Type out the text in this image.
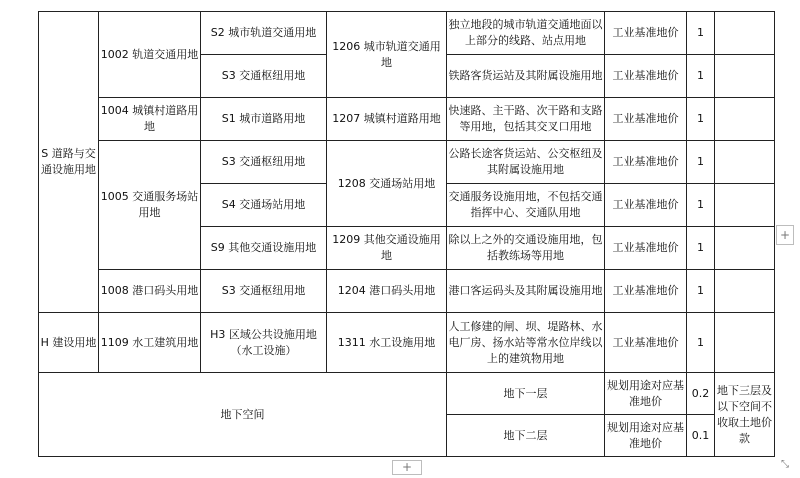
S 道路与交通设施用地	1002 轨道交通用地	S2 城市轨道交通用地	1206 城市轨道交通用地	独立地段的城市轨道交通地面以上部分的线路、站点用地	工业基准地价	1	
		S3 交通枢纽用地		铁路客货运站及其附属设施用地	工业基准地价	1	
	1004 城镇村道路用地	S1 城市道路用地	1207 城镇村道路用地	快速路、主干路、次干路和支路等用地，包括其交叉口用地	工业基准地价	1	
	1005 交通服务场站用地	S3 交通枢纽用地	1208 交通场站用地	公路长途客货运站、公交枢纽及其附属设施用地	工业基准地价	1	
		S4 交通场站用地		交通服务设施用地，不包括交通指挥中心、交通队用地	工业基准地价	1	
		S9 其他交通设施用地	1209 其他交通设施用地	除以上之外的交通设施用地，包括教练场等用地	工业基准地价	1	
	1008 港口码头用地	S3 交通枢纽用地	1204 港口码头用地	港口客运码头及其附属设施用地	工业基准地价	1	
H 建设用地	1109 水工建筑用地	H3 区域公共设施用地（水工设施）	1311 水工设施用地	人工修建的闸、坝、堤路林、水电厂房、扬水站等常水位岸线以上的建筑物用地	工业基准地价	1	
地下空间				地下一层	规划用途对应基准地价	0.2	地下三层及以下空间不收取土地价款
				地下二层	规划用途对应基准地价	0.1	
+
+	⤡
